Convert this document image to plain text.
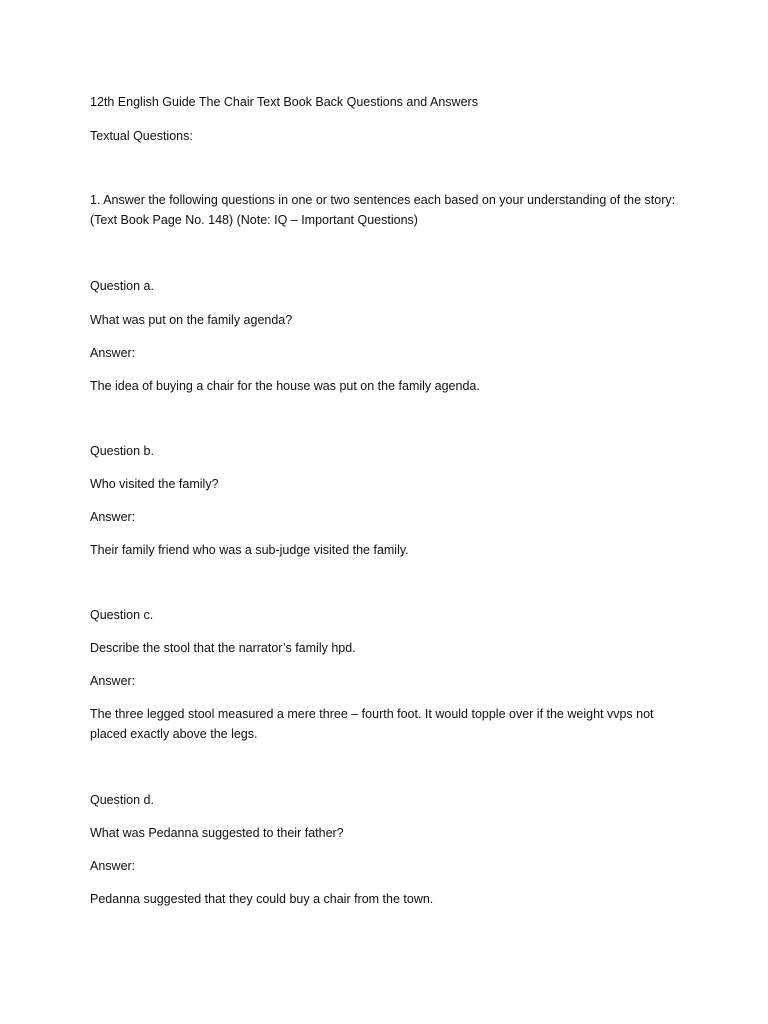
12th English Guide The Chair Text Book Back Questions and Answers
Textual Questions:
1. Answer the following questions in one or two sentences each based on your understanding of the story: (Text Book Page No. 148) (Note: IQ – Important Questions)
Question a.
What was put on the family agenda?
Answer:
The idea of buying a chair for the house was put on the family agenda.
Question b.
Who visited the family?
Answer:
Their family friend who was a sub-judge visited the family.
Question c.
Describe the stool that the narrator’s family hpd.
Answer:
The three legged stool measured a mere three – fourth foot. It would topple over if the weight vvps not placed exactly above the legs.
Question d.
What was Pedanna suggested to their father?
Answer:
Pedanna suggested that they could buy a chair from the town.
